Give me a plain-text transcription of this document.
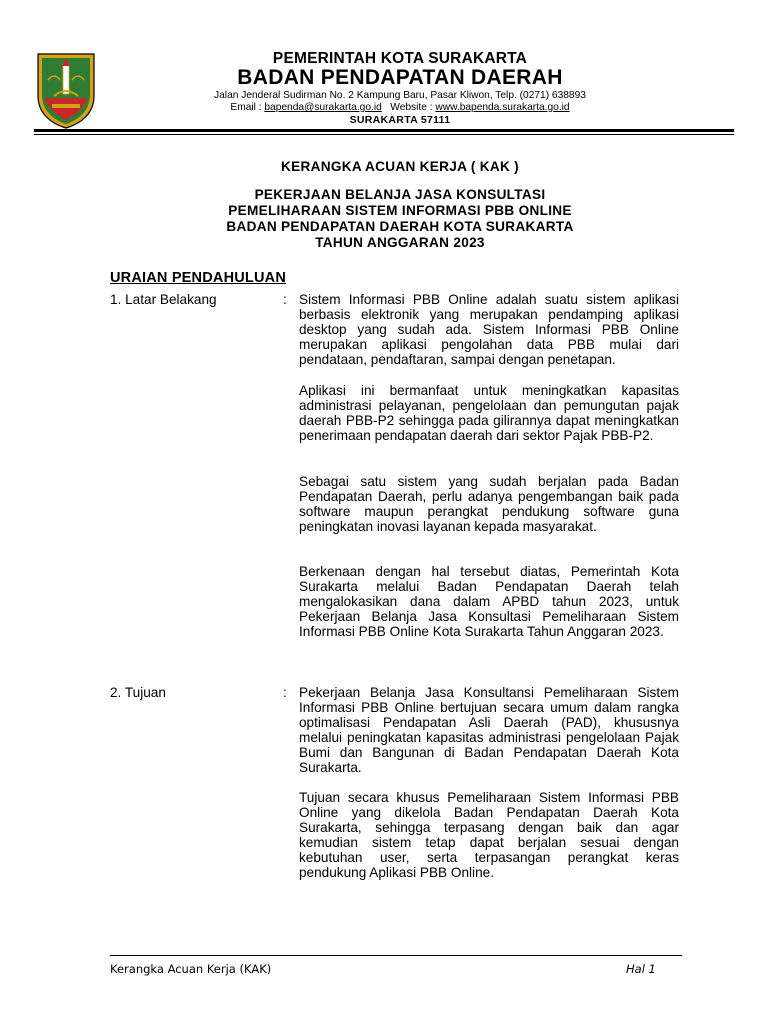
PEMERINTAH KOTA SURAKARTA
BADAN PENDAPATAN DAERAH
Jalan Jenderal Sudirman No. 2 Kampung Baru, Pasar Kliwon, Telp. (0271) 638893
Email : bapenda@surakarta.go.id   Website : www.bapenda.surakarta.go.id
SURAKARTA 57111
KERANGKA ACUAN KERJA ( KAK )
PEKERJAAN BELANJA JASA KONSULTASI
PEMELIHARAAN SISTEM INFORMASI PBB ONLINE
BADAN PENDAPATAN DAERAH KOTA SURAKARTA
TAHUN ANGGARAN 2023
URAIAN PENDAHULUAN
1. Latar Belakang	: Sistem Informasi PBB Online adalah suatu sistem aplikasi berbasis elektronik yang merupakan pendamping aplikasi desktop yang sudah ada. Sistem Informasi PBB Online merupakan aplikasi pengolahan data PBB mulai dari pendataan, pendaftaran, sampai dengan penetapan.

Aplikasi ini bermanfaat untuk meningkatkan kapasitas administrasi pelayanan, pengelolaan dan pemungutan pajak daerah PBB-P2 sehingga pada gilirannya dapat meningkatkan penerimaan pendapatan daerah dari sektor Pajak PBB-P2.

Sebagai satu sistem yang sudah berjalan pada Badan Pendapatan Daerah, perlu adanya pengembangan baik pada software maupun perangkat pendukung software guna peningkatan inovasi layanan kepada masyarakat.

Berkenaan dengan hal tersebut diatas, Pemerintah Kota Surakarta melalui Badan Pendapatan Daerah telah mengalokasikan dana dalam APBD tahun 2023, untuk Pekerjaan Belanja Jasa Konsultasi Pemeliharaan Sistem Informasi PBB Online Kota Surakarta Tahun Anggaran 2023.

2. Tujuan	: Pekerjaan Belanja Jasa Konsultansi Pemeliharaan Sistem Informasi PBB Online bertujuan secara umum dalam rangka optimalisasi Pendapatan Asli Daerah (PAD), khususnya melalui peningkatan kapasitas administrasi pengelolaan Pajak Bumi dan Bangunan di Badan Pendapatan Daerah Kota Surakarta.

Tujuan secara khusus Pemeliharaan Sistem Informasi PBB Online yang dikelola Badan Pendapatan Daerah Kota Surakarta, sehingga terpasang dengan baik dan agar kemudian sistem tetap dapat berjalan sesuai dengan kebutuhan user, serta terpasangan perangkat keras pendukung Aplikasi PBB Online.

Kerangka Acuan Kerja (KAK)	Hal 1
